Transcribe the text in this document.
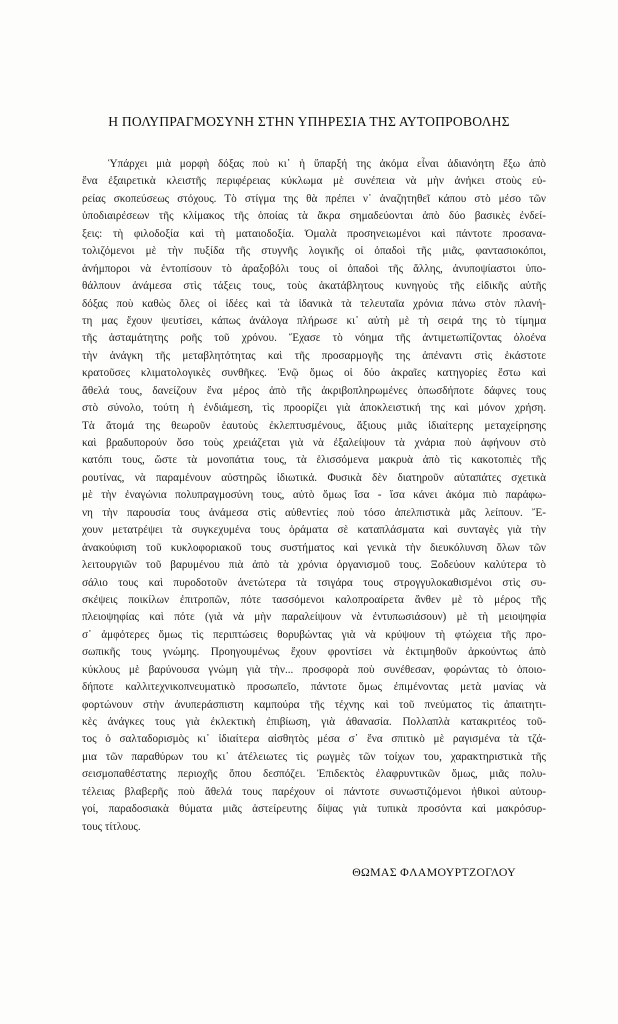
Η ΠΟΛΥΠΡΑΓΜΟΣΥΝΗ ΣΤΗΝ ΥΠΗΡΕΣΙΑ ΤΗΣ ΑΥΤΟΠΡΟΒΟΛΗΣ
Ὑπάρχει μιὰ μορφὴ δόξας ποὺ κι᾽ ἡ ὕπαρξή της ἀκόμα εἶναι ἀδιανόητη ἔξω ἀπὸ
ἕνα ἐξαιρετικὰ κλειστῆς περιφέρειας κύκλωμα μὲ συνέπεια νὰ μὴν ἀνήκει στοὺς εὐ-
ρείας σκοπεύσεως στόχους. Τὸ στίγμα της θὰ πρέπει ν᾽ ἀναζητηθεῖ κάπου στὸ μέσο τῶν
ὑποδιαιρέσεων τῆς κλίμακος τῆς ὁποίας τὰ ἄκρα σημαδεύονται ἀπὸ δύο βασικὲς ἐνδεί-
ξεις: τὴ φιλοδοξία καὶ τὴ ματαιοδοξία. Ὁμαλὰ προσηνειωμένοι καὶ πάντοτε προσανα-
τολιζόμενοι μὲ τὴν πυξίδα τῆς στυγνῆς λογικῆς οἱ ὀπαδοὶ τῆς μιᾶς, φαντασιοκόποι,
ἀνήμποροι νὰ ἐντοπίσουν τὸ ἀραξοβόλι τους οἱ ὀπαδοὶ τῆς ἄλλης, ἀνυποψίαστοι ὑπο-
θάλπουν ἀνάμεσα στὶς τάξεις τους, τοὺς ἀκατάβλητους κυνηγοὺς τῆς εἰδικῆς αὐτῆς
δόξας ποὺ καθὼς ὅλες οἱ ἰδέες καὶ τὰ ἰδανικὰ τὰ τελευταῖα χρόνια πάνω στὸν πλανή-
τη μας ἔχουν ψευτίσει, κάπως ἀνάλογα πλήρωσε κι᾽ αὐτὴ μὲ τὴ σειρά της τὸ τίμημα
τῆς ἀσταμάτητης ροῆς τοῦ χρόνου. Ἔχασε τὸ νόημα τῆς ἀντιμετωπίζοντας ὁλοένα
τὴν ἀνάγκη τῆς μεταβλητότητας καὶ τῆς προσαρμογῆς της ἀπέναντι στὶς ἑκάστοτε
κρατοῦσες κλιματολογικὲς συνθῆκες. Ἐνῷ ὅμως οἱ δύο ἀκραῖες κατηγορίες ἔστω καὶ
ἄθελά τους, δανείζουν ἕνα μέρος ἀπὸ τῆς ἀκριβοπληρωμένες ὁπωσδήποτε δάφνες τους
στὸ σύνολο, τούτη ἡ ἐνδιάμεση, τὶς προορίζει γιὰ ἀποκλειστική της καὶ μόνον χρήση.
Τὰ ἄτομά της θεωροῦν ἑαυτοὺς ἐκλεπτυσμένους, ἄξιους μιᾶς ἰδιαίτερης μεταχείρησης
καὶ βραδυπορούν ὅσο τοὺς χρειάζεται γιὰ νὰ ἐξαλείψουν τὰ χνάρια ποὺ ἀφήνουν στὸ
κατόπι τους, ὥστε τὰ μονοπάτια τους, τὰ ἑλισσόμενα μακρυὰ ἀπὸ τὶς κακοτοπιὲς τῆς
ρουτίνας, νὰ παραμένουν αὐστηρῶς ἰδιωτικά. Φυσικὰ δὲν διατηροῦν αὐταπάτες σχετικὰ
μὲ τὴν ἐναγώνια πολυπραγμοσύνη τους, αὐτὸ ὅμως ἴσα - ἴσα κάνει ἀκόμα πιὸ παράφω-
νη τὴν παρουσία τους ἀνάμεσα στὶς αὐθεντίες ποὺ τόσο ἀπελπιστικὰ μᾶς λείπουν. Ἔ-
χουν μετατρέψει τὰ συγκεχυμένα τους ὁράματα σὲ καταπλάσματα καὶ συνταγὲς γιὰ τὴν
ἀνακούφιση τοῦ κυκλοφοριακοῦ τους συστήματος καὶ γενικὰ τὴν διευκόλυνση ὅλων τῶν
λειτουργιῶν τοῦ βαρυμένου πιὰ ἀπὸ τὰ χρόνια ὀργανισμοῦ τους. Ξοδεύουν καλύτερα τὸ
σάλιο τους καὶ πυροδοτοῦν ἀνετώτερα τὰ τσιγάρα τους στρογγυλοκαθισμένοι στὶς συ-
σκέψεις ποικίλων ἐπιτροπῶν, πότε τασσόμενοι καλοπροαίρετα ἄνθεν μὲ τὸ μέρος τῆς
πλειοψηφίας καὶ πότε (γιὰ νὰ μὴν παραλείψουν νὰ ἐντυπωσιάσουν) μὲ τὴ μειοψηφία
σ᾽ ἀμφότερες ὅμως τὶς περιπτώσεις θορυβώντας γιὰ νὰ κρύψουν τὴ φτώχεια τῆς προ-
σωπικῆς τους γνώμης. Προηγουμένως ἔχουν φροντίσει νὰ ἐκτιμηθοῦν ἀρκούντως ἀπὸ
κύκλους μὲ βαρύνουσα γνώμη γιὰ τὴν... προσφορὰ ποὺ συνέθεσαν, φορώντας τὸ ὁποιο-
δήποτε καλλιτεχνικοπνευματικὸ προσωπεῖο, πάντοτε ὅμως ἐπιμένοντας μετὰ μανίας νὰ
φορτώνουν στὴν ἀνυπεράσπιστη καμπούρα τῆς τέχνης καὶ τοῦ πνεύματος τὶς ἀπαιτητι-
κὲς ἀνάγκες τους γιὰ ἐκλεκτικὴ ἐπιβίωση, γιὰ ἀθανασία. Πολλαπλὰ κατακριτέος τοῦ-
τος ὁ σαλταδορισμὸς κι᾽ ἰδιαίτερα αἰσθητὸς μέσα σ᾽ ἕνα σπιτικὸ μὲ ραγισμένα τὰ τζά-
μια τῶν παραθύρων του κι᾽ ἀτέλειωτες τὶς ρωγμὲς τῶν τοίχων του, χαρακτηριστικὰ τῆς
σεισμοπαθέστατης περιοχῆς ὅπου δεσπόζει. Ἐπιδεκτὸς ἐλαφρυντικῶν ὅμως, μιᾶς πολυ-
τέλειας βλαβερῆς ποὺ ἄθελά τους παρέχουν οἱ πάντοτε συνωστιζόμενοι ἠθικοὶ αὐτουρ-
γοί, παραδοσιακὰ θύματα μιᾶς ἀστείρευτης δίψας γιὰ τυπικὰ προσόντα καὶ μακρόσυρ-
τους τίτλους.
ΘΩΜΑΣ ΦΛΑΜΟΥΡΤΖΟΓΛΟΥ
